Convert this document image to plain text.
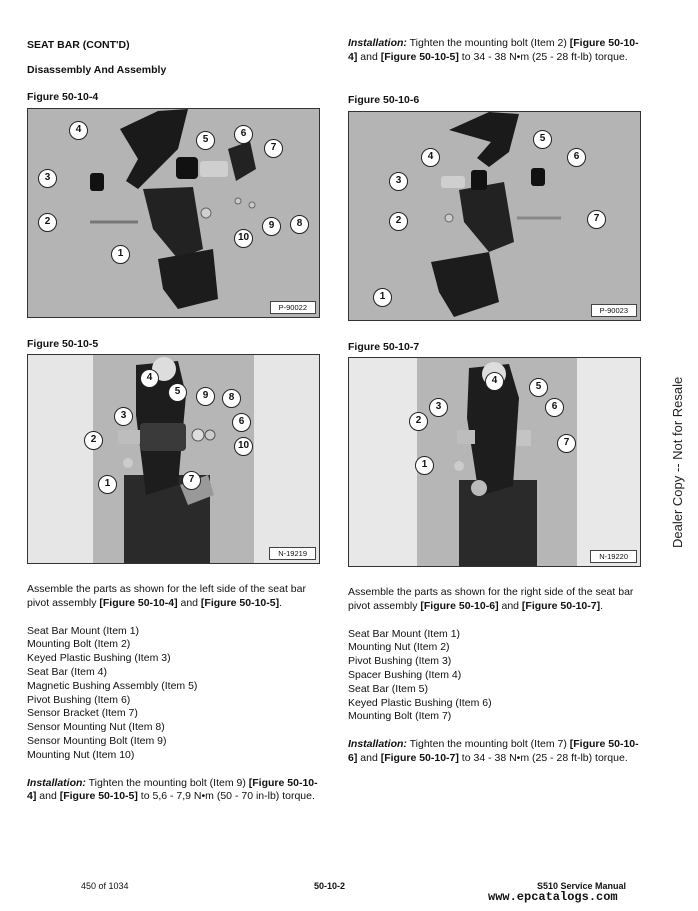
SEAT BAR (CONT'D)
Disassembly And Assembly

Installation: Tighten the mounting bolt (Item 2) [Figure 50-10-4] and [Figure 50-10-5] to 34 - 38 N•m (25 - 28 ft-lb) torque.

Figure 50-10-4	Figure 50-10-6
Figure 50-10-5	Figure 50-10-7
4
5
6
7
3
2	9	8
10
1
P-90022
5
4	6
3
2	7
1
P-90023
4
5	9	8
3
6
2
10
7
1
N-19219
4
5
3	6
2
7
1
N-19220

Assemble the parts as shown for the left side of the seat bar pivot assembly [Figure 50-10-4] and [Figure 50-10-5].

Seat Bar Mount (Item 1)

Mounting Bolt (Item 2)

Keyed Plastic Bushing (Item 3)

Seat Bar (Item 4)

Magnetic Bushing Assembly (Item 5)

Pivot Bushing (Item 6)

Sensor Bracket (Item 7)

Sensor Mounting Nut (Item 8)

Sensor Mounting Bolt (Item 9)

Mounting Nut (Item 10)

Installation: Tighten the mounting bolt (Item 9) [Figure 50-10-4] and [Figure 50-10-5] to 5,6 - 7,9 N•m (50 - 70 in-lb) torque.

Assemble the parts as shown for the right side of the seat bar pivot assembly [Figure 50-10-6] and [Figure 50-10-7].

Seat Bar Mount (Item 1)

Mounting Nut (Item 2)

Pivot Bushing (Item 3)

Spacer Bushing (Item 4)

Seat Bar (Item 5)

Keyed Plastic Bushing (Item 6)

Mounting Bolt (Item 7)

Installation: Tighten the mounting bolt (Item 7) [Figure 50-10-6] and [Figure 50-10-7] to 34 - 38 N•m (25 - 28 ft-lb) torque.

Dealer Copy -- Not for Resale
450 of 1034	50-10-2	S510 Service Manual
www.epcatalogs.com
